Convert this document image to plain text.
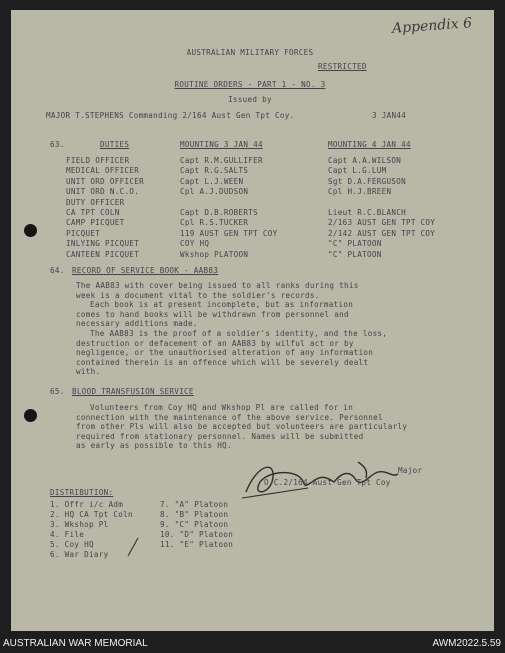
Appendix 6
AUSTRALIAN MILITARY FORCES
RESTRICTED
ROUTINE ORDERS - PART 1 - NO. 3
Issued by
MAJOR T.STEPHENS Commanding 2/164 Aust Gen Tpt Coy.	3 JAN44
63.	DUTIES	MOUNTING 3 JAN 44	MOUNTING 4 JAN 44
FIELD OFFICER	Capt R.M.GULLIFER	Capt A.A.WILSON
MEDICAL OFFICER	Capt R.G.SALTS	Capt L.G.LUM
UNIT ORD OFFICER	Capt L.J.WEEN	Sgt D.A.FERGUSON
UNIT ORD N.C.O.	Cpl A.J.DUDSON	Cpl H.J.BREEN
DUTY OFFICER
CA TPT COLN	Capt D.B.ROBERTS	Lieut R.C.BLANCH
CAMP PICQUET	Cpl R.S.TUCKER	2/163 AUST GEN TPT COY
PICQUET	119 AUST GEN TPT COY	2/142 AUST GEN TPT COY
INLYING PICQUET	COY HQ	"C" PLATOON
CANTEEN PICQUET	Wkshop PLATOON	"C" PLATOON
64. RECORD OF SERVICE BOOK - AAB83
The AAB83 with cover being issued to all ranks during this
week is a document vital to the soldier's records.
Each book is at present incomplete, but as information
comes to hand books will be withdrawn from personnel and
necessary additions made.
The AAB83 is the proof of a soldier's identity, and the loss,
destruction or defacement of an AAB83 by wilful act or by
negligence, or the unauthorised alteration of any information
contained therein is an offence which will be severely dealt
with.
65. BLOOD TRANSFUSION SERVICE
Volunteers from Coy HQ and Wkshop Pl are called for in
connection with the maintenance of the above service. Personnel
from other Pls will also be accepted but volunteers are particularly
required from stationary personnel. Names will be submitted
as early as possible to this HQ.
Major
O.C.2/164 Aust Gen Tpt Coy
DISTRIBUTION:
1. Offr i/c Adm
2. HQ CA Tpt Coln
3. Wkshop Pl
4. File
5. Coy HQ
6. War Diary
7. "A" Platoon
8. "B" Platoon
9. "C" Platoon
10. "D" Platoon
11. "E" Platoon
AUSTRALIAN WAR MEMORIAL	AWM2022.5.59
